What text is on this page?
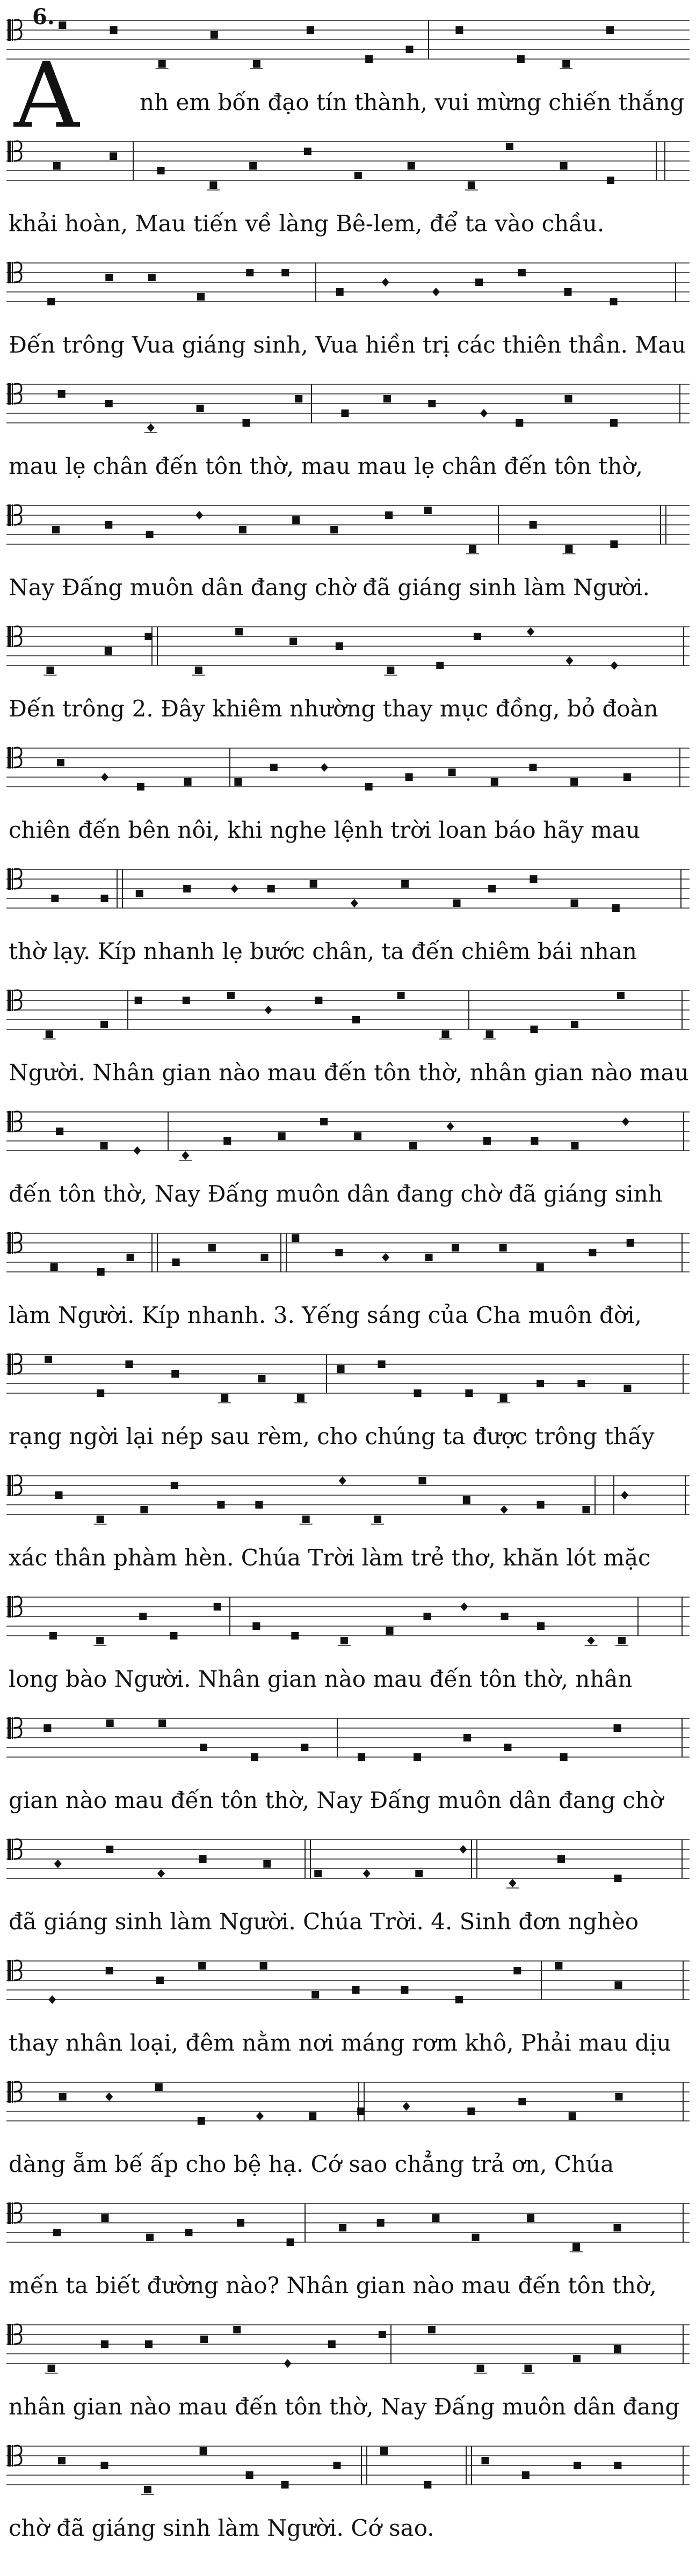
6.
A	nh em bốn đạo tín thành, vui mừng chiến thắng
khải hoàn, Mau tiến về làng Bê-lem, để ta vào chầu.
Đến trông Vua giáng sinh, Vua hiền trị các thiên thần. Mau
mau lẹ chân đến tôn thờ, mau mau lẹ chân đến tôn thờ,
Nay Đấng muôn dân đang chờ đã giáng sinh làm Người.
Đến trông 2. Đây khiêm nhường thay mục đồng, bỏ đoàn
chiên đến bên nôi, khi nghe lệnh trời loan báo hãy mau
thờ lạy. Kíp nhanh lẹ bước chân, ta đến chiêm bái nhan
Người. Nhân gian nào mau đến tôn thờ, nhân gian nào mau
đến tôn thờ, Nay Đấng muôn dân đang chờ đã giáng sinh
làm Người. Kíp nhanh. 3. Yếng sáng của Cha muôn đời,
rạng ngời lại nép sau rèm, cho chúng ta được trông thấy
xác thân phàm hèn. Chúa Trời làm trẻ thơ, khăn lót mặc
long bào Người. Nhân gian nào mau đến tôn thờ, nhân
gian nào mau đến tôn thờ, Nay Đấng muôn dân đang chờ
đã giáng sinh làm Người. Chúa Trời. 4. Sinh đơn nghèo
thay nhân loại, đêm nằm nơi máng rơm khô, Phải mau dịu
dàng ẵm bế ấp cho bệ hạ. Cớ sao chẳng trả ơn, Chúa
mến ta biết đường nào? Nhân gian nào mau đến tôn thờ,
nhân gian nào mau đến tôn thờ, Nay Đấng muôn dân đang
chờ đã giáng sinh làm Người. Cớ sao.
